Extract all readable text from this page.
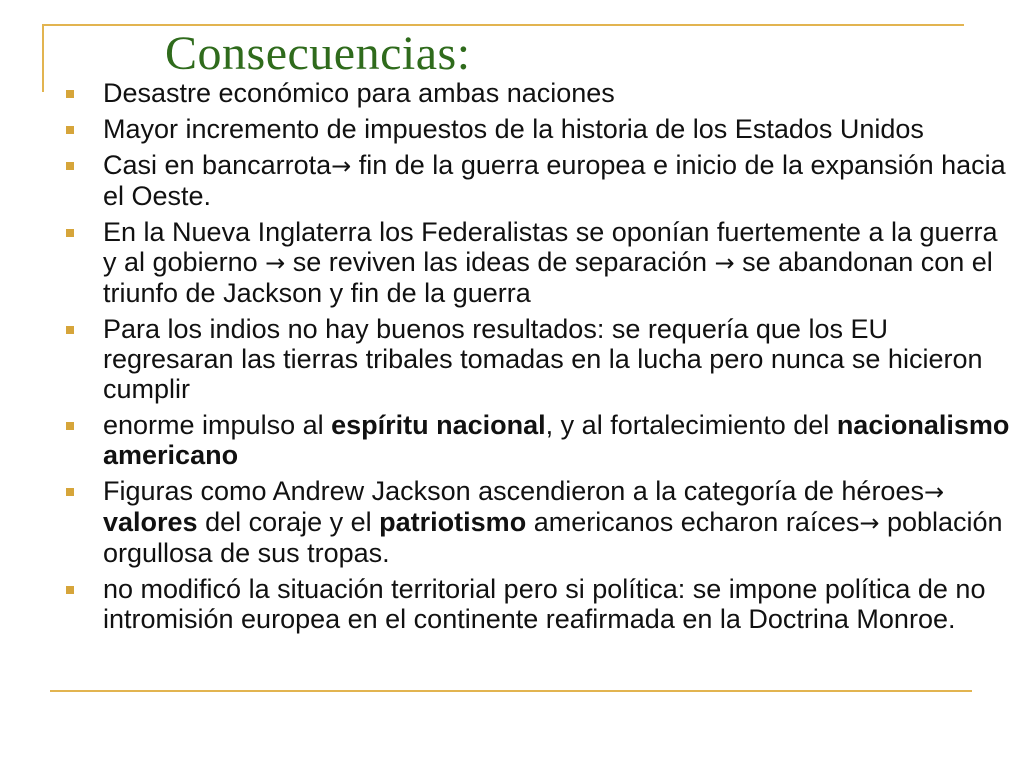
Consecuencias:
Desastre económico para ambas naciones
Mayor incremento de impuestos de la historia de los Estados Unidos
Casi en bancarrota→ fin de la guerra europea e inicio de la expansión hacia el Oeste.
En la Nueva Inglaterra los Federalistas se oponían fuertemente a la guerra y al gobierno → se reviven las ideas de separación → se abandonan con el triunfo de Jackson y fin de la guerra
Para los indios no hay buenos resultados: se requería que los EU regresaran las tierras tribales tomadas en la lucha pero nunca se hicieron cumplir
enorme impulso al espíritu nacional, y al fortalecimiento del nacionalismo americano
Figuras como Andrew Jackson ascendieron a la categoría de héroes→ valores del coraje y el patriotismo americanos echaron raíces→ población orgullosa de sus tropas.
no modificó la situación territorial pero si política: se impone política de no intromisión europea en el continente reafirmada en la Doctrina Monroe.
